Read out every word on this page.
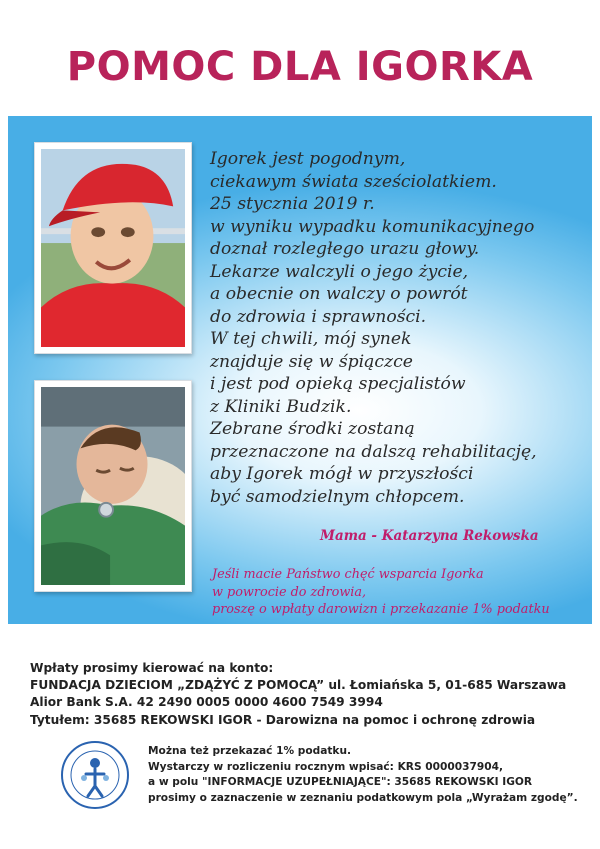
POMOC DLA IGORKA
Igorek jest pogodnym,
ciekawym świata sześciolatkiem.
25 stycznia 2019 r.
w wyniku wypadku komunikacyjnego
doznał rozległego urazu głowy.
Lekarze walczyli o jego życie,
a obecnie on walczy o powrót
do zdrowia i sprawności.
W tej chwili, mój synek
znajduje się w śpiączce
i jest pod opieką specjalistów
z Kliniki Budzik.
Zebrane środki zostaną
przeznaczone na dalszą rehabilitację,
aby Igorek mógł w przyszłości
być samodzielnym chłopcem.
Mama - Katarzyna Rekowska
Jeśli macie Państwo chęć wsparcia Igorka
w powrocie do zdrowia,
proszę o wpłaty darowizn i przekazanie 1% podatku
Wpłaty prosimy kierować na konto:
FUNDACJA DZIECIOM „ZDĄŻYĆ Z POMOCĄ” ul. Łomiańska 5, 01-685 Warszawa
Alior Bank S.A. 42 2490 0005 0000 4600 7549 3994
Tytułem: 35685 REKOWSKI IGOR - Darowizna na pomoc i ochronę zdrowia
Można też przekazać 1% podatku.
Wystarczy w rozliczeniu rocznym wpisać: KRS 0000037904,
a w polu "INFORMACJE UZUPEŁNIAJĄCE": 35685 REKOWSKI IGOR
prosimy o zaznaczenie w zeznaniu podatkowym pola „Wyrażam zgodę”.
